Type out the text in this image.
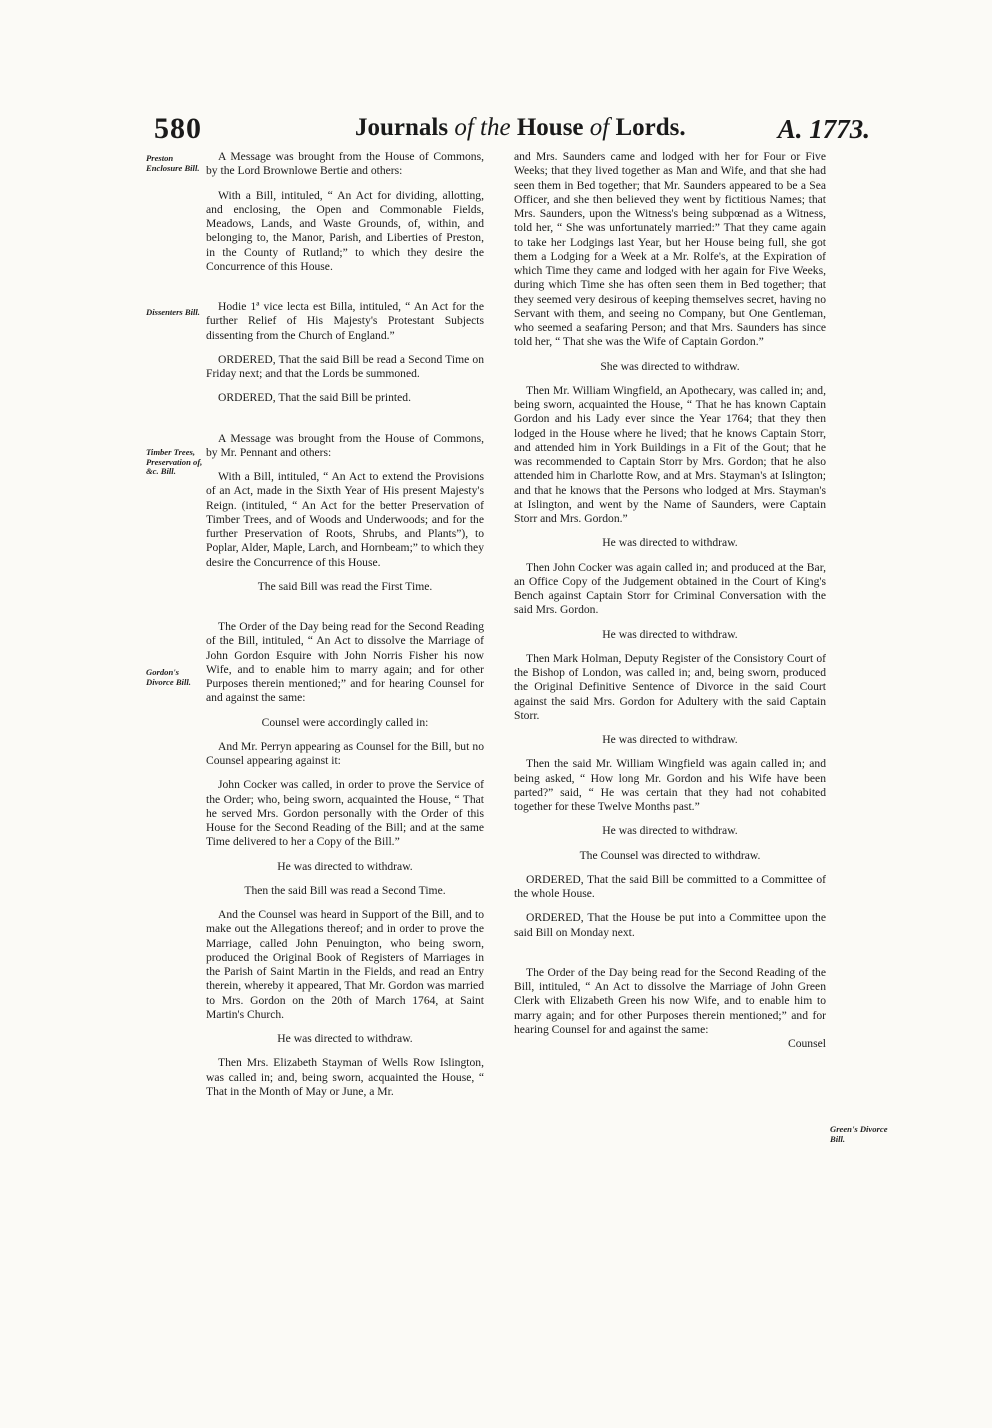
580	Journals of the House of Lords.	A. 1773.
Preston Enclosure Bill.
Dissenters Bill.
Timber Trees, Preservation of, &c. Bill.
Gordon's Divorce Bill.
Green's Divorce Bill.

A Message was brought from the House of Commons, by the Lord Brownlowe Bertie and others:

With a Bill, intituled, “ An Act for dividing, allotting, and enclosing, the Open and Commonable Fields, Meadows, Lands, and Waste Grounds, of, within, and belonging to, the Manor, Parish, and Liberties of Preston, in the County of Rutland;” to which they desire the Concurrence of this House.

Hodie 1ª vice lecta est Billa, intituled, “ An Act for the further Relief of His Majesty's Protestant Subjects dissenting from the Church of England.”

ORDERED, That the said Bill be read a Second Time on Friday next; and that the Lords be summoned.

ORDERED, That the said Bill be printed.

A Message was brought from the House of Commons, by Mr. Pennant and others:

With a Bill, intituled, “ An Act to extend the Provisions of an Act, made in the Sixth Year of His present Majesty's Reign. (intituled, “ An Act for the better Preservation of Timber Trees, and of Woods and Underwoods; and for the further Preservation of Roots, Shrubs, and Plants”), to Poplar, Alder, Maple, Larch, and Hornbeam;” to which they desire the Concurrence of this House.

The said Bill was read the First Time.

The Order of the Day being read for the Second Reading of the Bill, intituled, “ An Act to dissolve the Marriage of John Gordon Esquire with John Norris Fisher his now Wife, and to enable him to marry again; and for other Purposes therein mentioned;” and for hearing Counsel for and against the same:

Counsel were accordingly called in:

And Mr. Perryn appearing as Counsel for the Bill, but no Counsel appearing against it:

John Cocker was called, in order to prove the Service of the Order; who, being sworn, acquainted the House, “ That he served Mrs. Gordon personally with the Order of this House for the Second Reading of the Bill; and at the same Time delivered to her a Copy of the Bill.”

He was directed to withdraw.

Then the said Bill was read a Second Time.

And the Counsel was heard in Support of the Bill, and to make out the Allegations thereof; and in order to prove the Marriage, called John Penuington, who being sworn, produced the Original Book of Registers of Marriages in the Parish of Saint Martin in the Fields, and read an Entry therein, whereby it appeared, That Mr. Gordon was married to Mrs. Gordon on the 20th of March 1764, at Saint Martin's Church.

He was directed to withdraw.

Then Mrs. Elizabeth Stayman of Wells Row Islington, was called in; and, being sworn, acquainted the House, “ That in the Month of May or June, a Mr.

and Mrs. Saunders came and lodged with her for Four or Five Weeks; that they lived together as Man and Wife, and that she had seen them in Bed together; that Mr. Saunders appeared to be a Sea Officer, and she then believed they went by fictitious Names; that Mrs. Saunders, upon the Witness's being subpœnad as a Witness, told her, “ She was unfortunately married:” That they came again to take her Lodgings last Year, but her House being full, she got them a Lodging for a Week at a Mr. Rolfe's, at the Expiration of which Time they came and lodged with her again for Five Weeks, during which Time she has often seen them in Bed together; that they seemed very desirous of keeping themselves secret, having no Servant with them, and seeing no Company, but One Gentleman, who seemed a seafaring Person; and that Mrs. Saunders has since told her, “ That she was the Wife of Captain Gordon.”

She was directed to withdraw.

Then Mr. William Wingfield, an Apothecary, was called in; and, being sworn, acquainted the House, “ That he has known Captain Gordon and his Lady ever since the Year 1764; that they then lodged in the House where he lived; that he knows Captain Storr, and attended him in York Buildings in a Fit of the Gout; that he was recommended to Captain Storr by Mrs. Gordon; that he also attended him in Charlotte Row, and at Mrs. Stayman's at Islington; and that he knows that the Persons who lodged at Mrs. Stayman's at Islington, and went by the Name of Saunders, were Captain Storr and Mrs. Gordon.”

He was directed to withdraw.

Then John Cocker was again called in; and produced at the Bar, an Office Copy of the Judgement obtained in the Court of King's Bench against Captain Storr for Criminal Conversation with the said Mrs. Gordon.

He was directed to withdraw.

Then Mark Holman, Deputy Register of the Consistory Court of the Bishop of London, was called in; and, being sworn, produced the Original Definitive Sentence of Divorce in the said Court against the said Mrs. Gordon for Adultery with the said Captain Storr.

He was directed to withdraw.

Then the said Mr. William Wingfield was again called in; and being asked, “ How long Mr. Gordon and his Wife have been parted?” said, “ He was certain that they had not cohabited together for these Twelve Months past.”

He was directed to withdraw.

The Counsel was directed to withdraw.

ORDERED, That the said Bill be committed to a Committee of the whole House.

ORDERED, That the House be put into a Committee upon the said Bill on Monday next.

The Order of the Day being read for the Second Reading of the Bill, intituled, “ An Act to dissolve the Marriage of John Green Clerk with Elizabeth Green his now Wife, and to enable him to marry again; and for other Purposes therein mentioned;” and for hearing Counsel for and against the same:

Counsel
